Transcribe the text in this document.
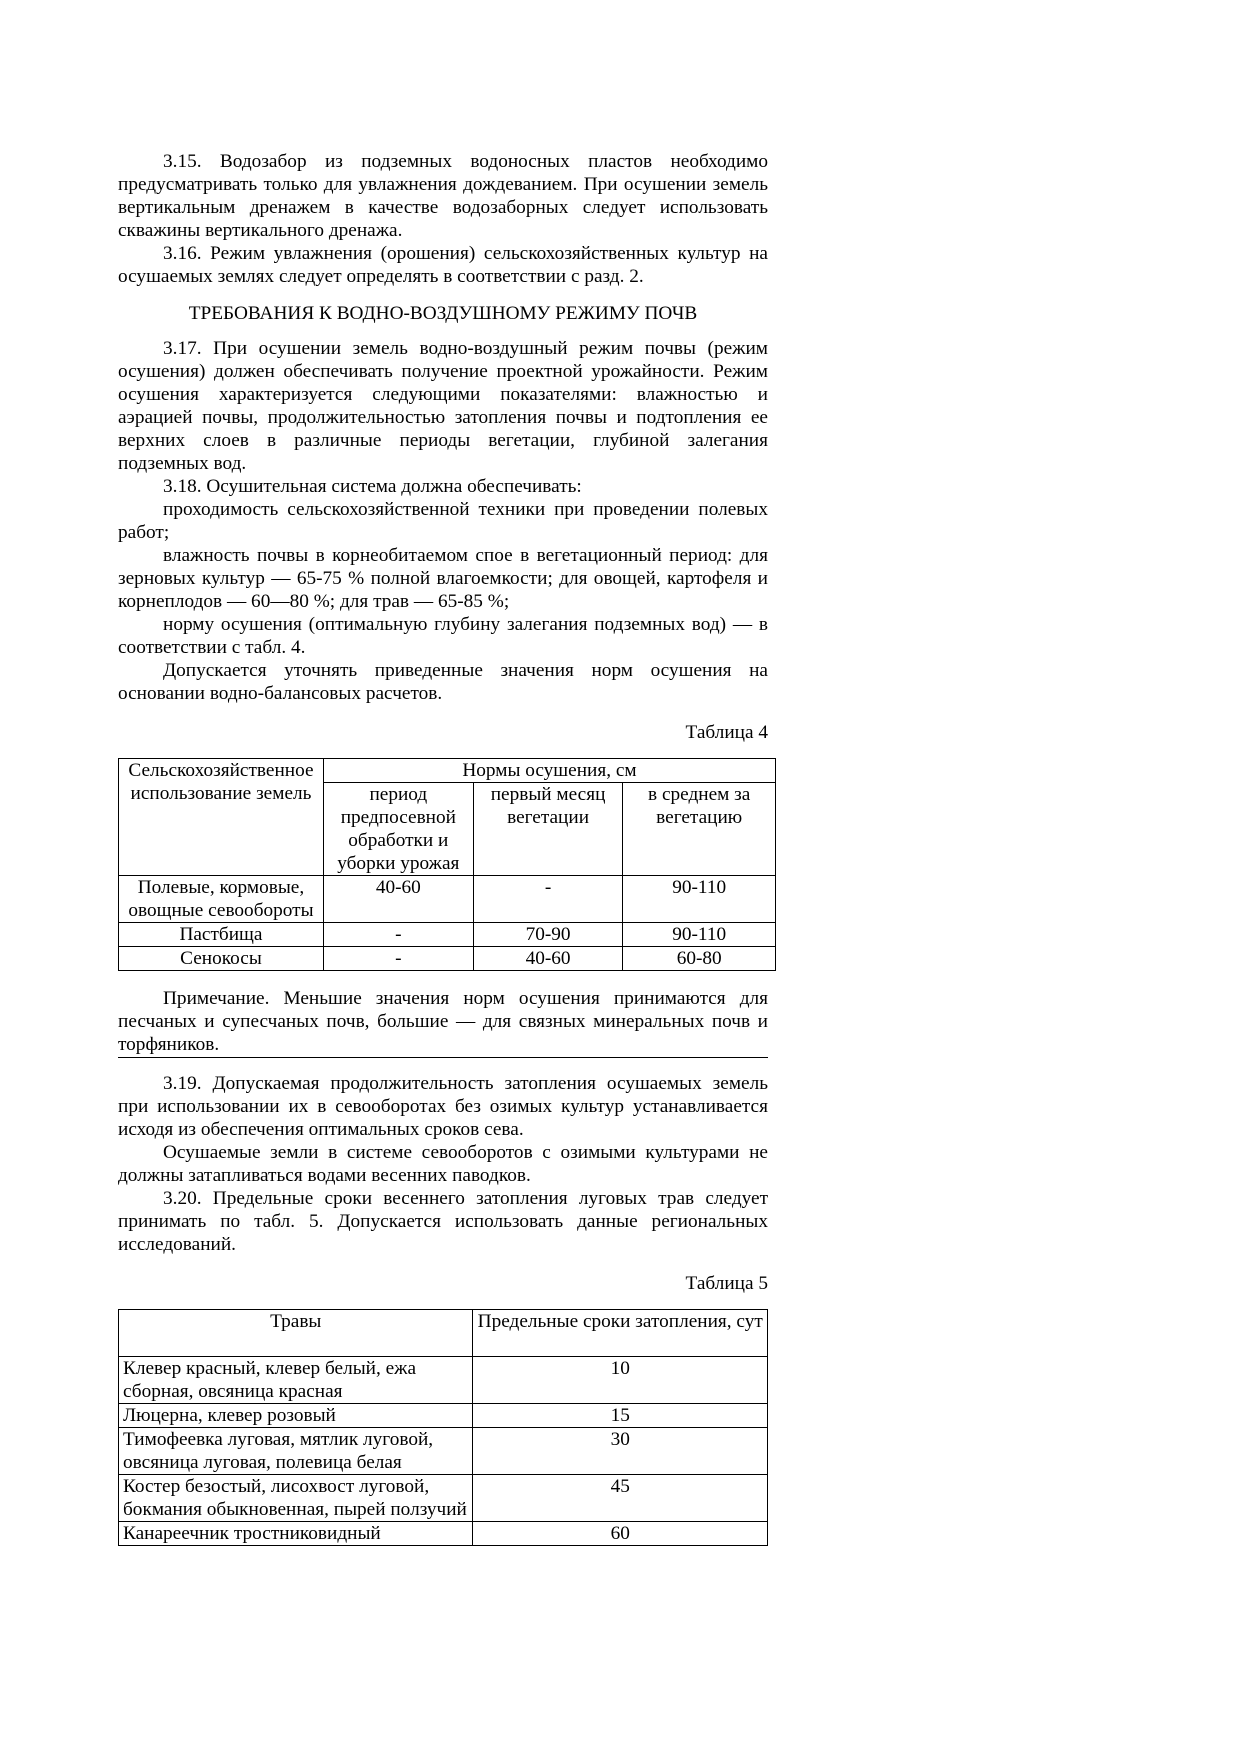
3.15. Водозабор из подземных водоносных пластов необходимо предусматривать только для увлажнения дождеванием. При осушении земель вертикальным дренажем в качестве водозаборных следует использовать скважины вертикального дренажа.

3.16. Режим увлажнения (орошения) сельскохозяйственных культур на осушаемых землях следует определять в соответствии с разд. 2.

ТРЕБОВАНИЯ К ВОДНО-ВОЗДУШНОМУ РЕЖИМУ ПОЧВ

3.17. При осушении земель водно-воздушный режим почвы (режим осушения) должен обеспечивать получение проектной урожайности. Режим осушения характеризуется следующими показателями: влажностью и аэрацией почвы, продолжительностью затопления почвы и подтопления ее верхних слоев в различные периоды вегетации, глубиной залегания подземных вод.

3.18. Осушительная система должна обеспечивать:

проходимость сельскохозяйственной техники при проведении полевых работ;

влажность почвы в корнеобитаемом спое в вегетационный период: для зерновых культур — 65-75 % полной влагоемкости; для овощей, картофеля и корнеплодов — 60—80 %; для трав — 65-85 %;

норму осушения (оптимальную глубину залегания подземных вод) — в соответствии с табл. 4.

Допускается уточнять приведенные значения норм осушения на основании водно-балансовых расчетов.

Таблица 4
Сельскохозяйственное использование земель	Нормы осушения, см		
	период предпосевной обработки и уборки урожая	первый месяц вегетации	в среднем за вегетацию
Полевые, кормовые, овощные севообороты	40-60	-	90-110
Пастбища	-	70-90	90-110
Сенокосы	-	40-60	60-80

Примечание. Меньшие значения норм осушения принимаются для песчаных и супесчаных почв, большие — для связных минеральных почв и торфяников.

3.19. Допускаемая продолжительность затопления осушаемых земель при использовании их в севооборотах без озимых культур устанавливается исходя из обеспечения оптимальных сроков сева.

Осушаемые земли в системе севооборотов с озимыми культурами не должны затапливаться водами весенних паводков.

3.20. Предельные сроки весеннего затопления луговых трав следует принимать по табл. 5. Допускается использовать данные региональных исследований.

Таблица 5
Травы	Предельные сроки затопления, сут
Клевер красный, клевер белый, ежа сборная, овсяница красная	10
Люцерна, клевер розовый	15
Тимофеевка луговая, мятлик луговой, овсяница луговая, полевица белая	30
Костер безостый, лисохвост луговой, бокмания обыкновенная, пырей ползучий	45
Канареечник тростниковидный	60
